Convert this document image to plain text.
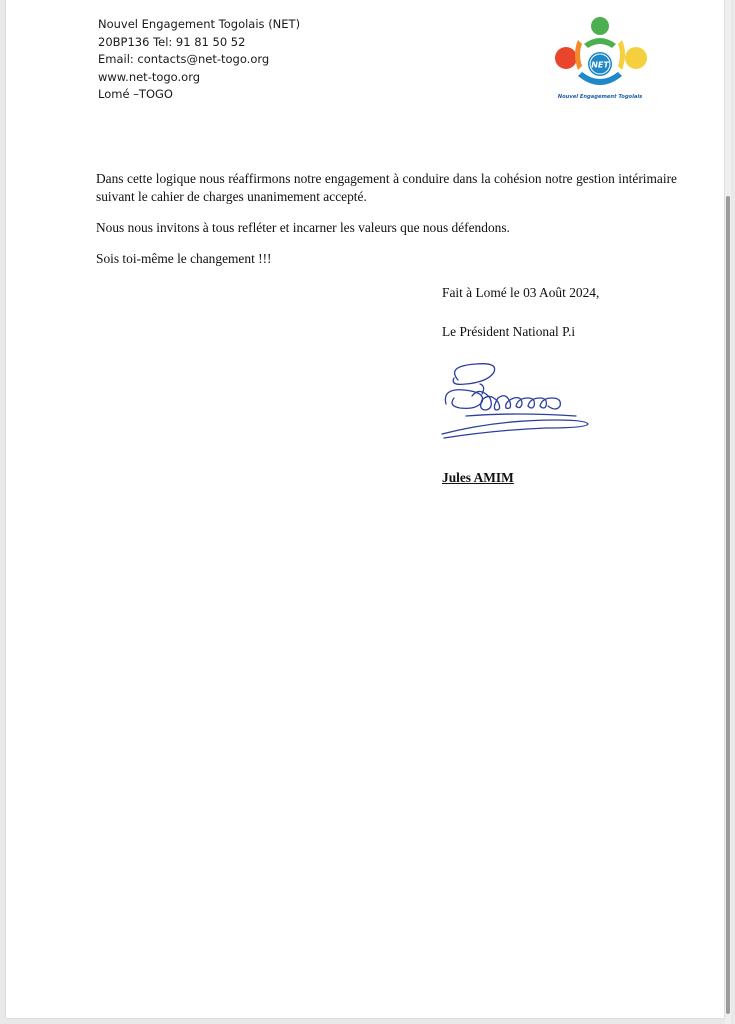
Nouvel Engagement Togolais (NET)
20BP136 Tel: 91 81 50 52
Email: contacts@net-togo.org
www.net-togo.org
Lomé –TOGO
NET
Nouvel Engagement Togolais

Dans cette logique nous réaffirmons notre engagement à conduire dans la cohésion notre gestion intérimaire suivant le cahier de charges unanimement accepté.

Nous nous invitons à tous refléter et incarner les valeurs que nous défendons.

Sois toi-même le changement !!!

Fait à Lomé le 03 Août 2024,
Le Président National P.i
Jules AMIM
